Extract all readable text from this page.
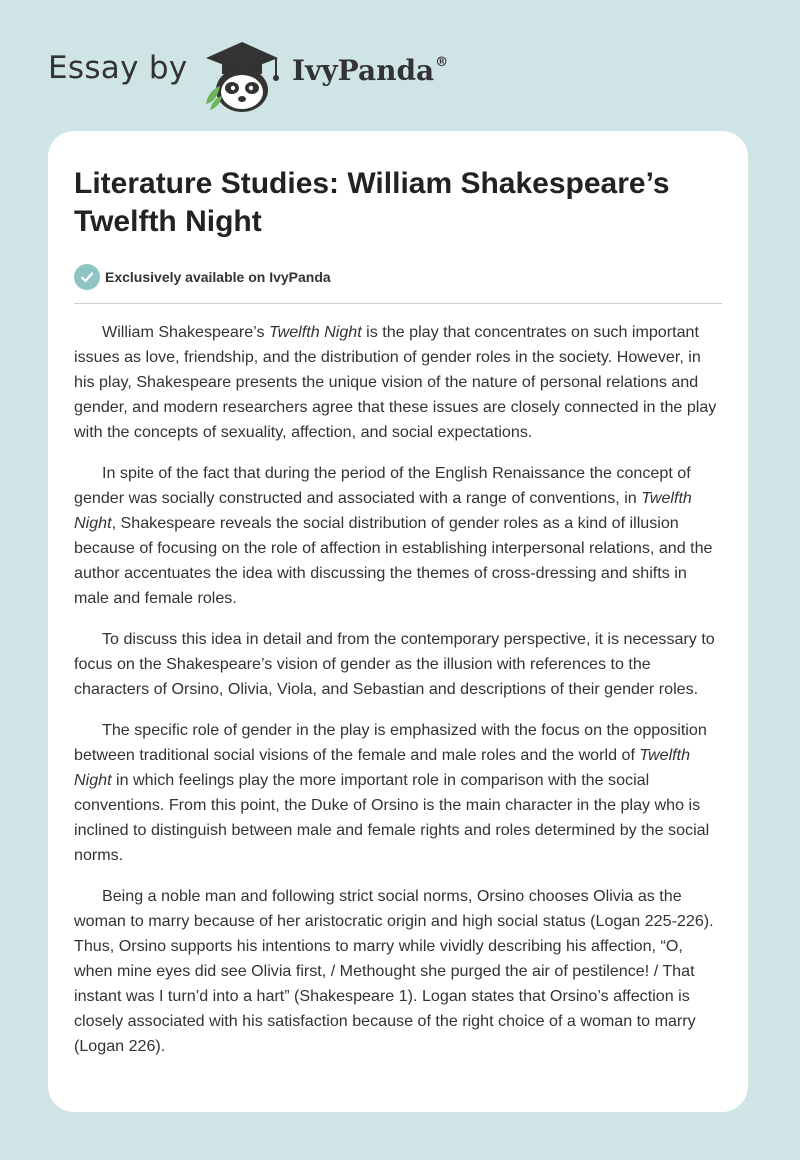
Essay by	IvyPanda®
Literature Studies: William Shakespeare’s Twelfth Night
Exclusively available on IvyPanda

William Shakespeare’s Twelfth Night is the play that concentrates on such important issues as love, friendship, and the distribution of gender roles in the society. However, in his play, Shakespeare presents the unique vision of the nature of personal relations and gender, and modern researchers agree that these issues are closely connected in the play with the concepts of sexuality, affection, and social expectations.

In spite of the fact that during the period of the English Renaissance the concept of gender was socially constructed and associated with a range of conventions, in Twelfth Night, Shakespeare reveals the social distribution of gender roles as a kind of illusion because of focusing on the role of affection in establishing interpersonal relations, and the author accentuates the idea with discussing the themes of cross-dressing and shifts in male and female roles.

To discuss this idea in detail and from the contemporary perspective, it is necessary to focus on the Shakespeare’s vision of gender as the illusion with references to the characters of Orsino, Olivia, Viola, and Sebastian and descriptions of their gender roles.

The specific role of gender in the play is emphasized with the focus on the opposition between traditional social visions of the female and male roles and the world of Twelfth Night in which feelings play the more important role in comparison with the social conventions. From this point, the Duke of Orsino is the main character in the play who is inclined to distinguish between male and female rights and roles determined by the social norms.

Being a noble man and following strict social norms, Orsino chooses Olivia as the woman to marry because of her aristocratic origin and high social status (Logan 225-226). Thus, Orsino supports his intentions to marry while vividly describing his affection, “O, when mine eyes did see Olivia first, / Methought she purged the air of pestilence! / That instant was I turn’d into a hart” (Shakespeare 1). Logan states that Orsino’s affection is closely associated with his satisfaction because of the right choice of a woman to marry (Logan 226).
